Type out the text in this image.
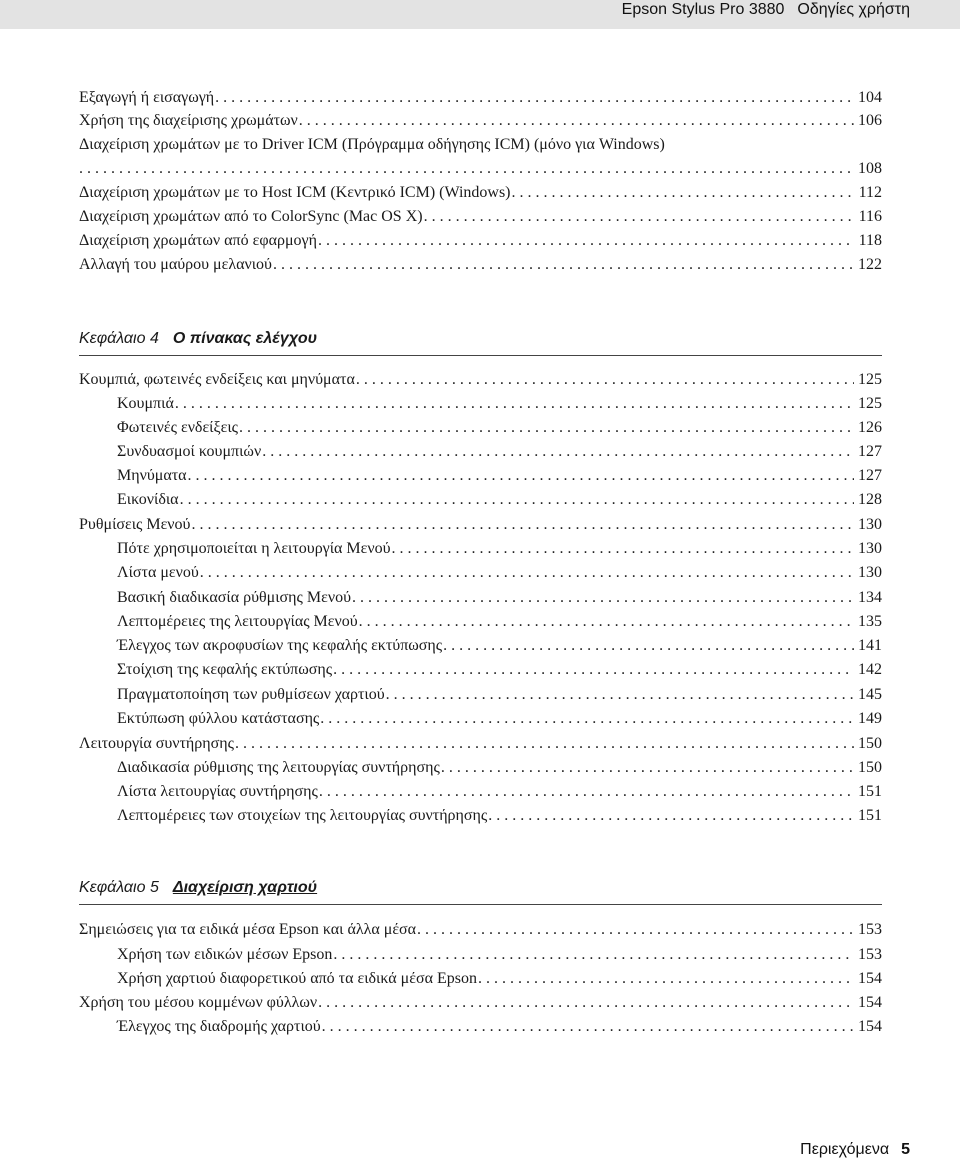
Epson Stylus Pro 3880 Οδηγίες χρήστη
Εξαγωγή ή εισαγωγή . . .	104
Χρήση της διαχείρισης χρωμάτων . . .	106
Διαχείριση χρωμάτων με το Driver ICM (Πρόγραμμα οδήγησης ICM) (μόνο για Windows)
. . .
108
Διαχείριση χρωμάτων με το Host ICM (Κεντρικό ICM) (Windows) . . .	112
Διαχείριση χρωμάτων από το ColorSync (Mac OS X) . . .	116
Διαχείριση χρωμάτων από εφαρμογή . . .	118
Αλλαγή του μαύρου μελανιού . . .	122
Κεφάλαιο 4 Ο πίνακας ελέγχου
Κουμπιά, φωτεινές ενδείξεις και μηνύματα . . .	125
Κουμπιά . . .	125
Φωτεινές ενδείξεις . . .	126
Συνδυασμοί κουμπιών . . .	127
Μηνύματα . . .	127
Εικονίδια . . .	128
Ρυθμίσεις Μενού . . .	130
Πότε χρησιμοποιείται η λειτουργία Μενού . . .	130
Λίστα μενού . . .	130
Βασική διαδικασία ρύθμισης Μενού . . .	134
Λεπτομέρειες της λειτουργίας Μενού . . .	135
Έλεγχος των ακροφυσίων της κεφαλής εκτύπωσης . . .	141
Στοίχιση της κεφαλής εκτύπωσης . . .	142
Πραγματοποίηση των ρυθμίσεων χαρτιού . . .	145
Εκτύπωση φύλλου κατάστασης . . .	149
Λειτουργία συντήρησης . . .	150
Διαδικασία ρύθμισης της λειτουργίας συντήρησης . . .	150
Λίστα λειτουργίας συντήρησης . . .	151
Λεπτομέρειες των στοιχείων της λειτουργίας συντήρησης . . .	151
Κεφάλαιο 5 Διαχείριση χαρτιού
Σημειώσεις για τα ειδικά μέσα Epson και άλλα μέσα . . .	153
Χρήση των ειδικών μέσων Epson . . .	153
Χρήση χαρτιού διαφορετικού από τα ειδικά μέσα Epson . . .	154
Χρήση του μέσου κομμένων φύλλων . . .	154
Έλεγχος της διαδρομής χαρτιού . . .	154
Περιεχόμενα 5
